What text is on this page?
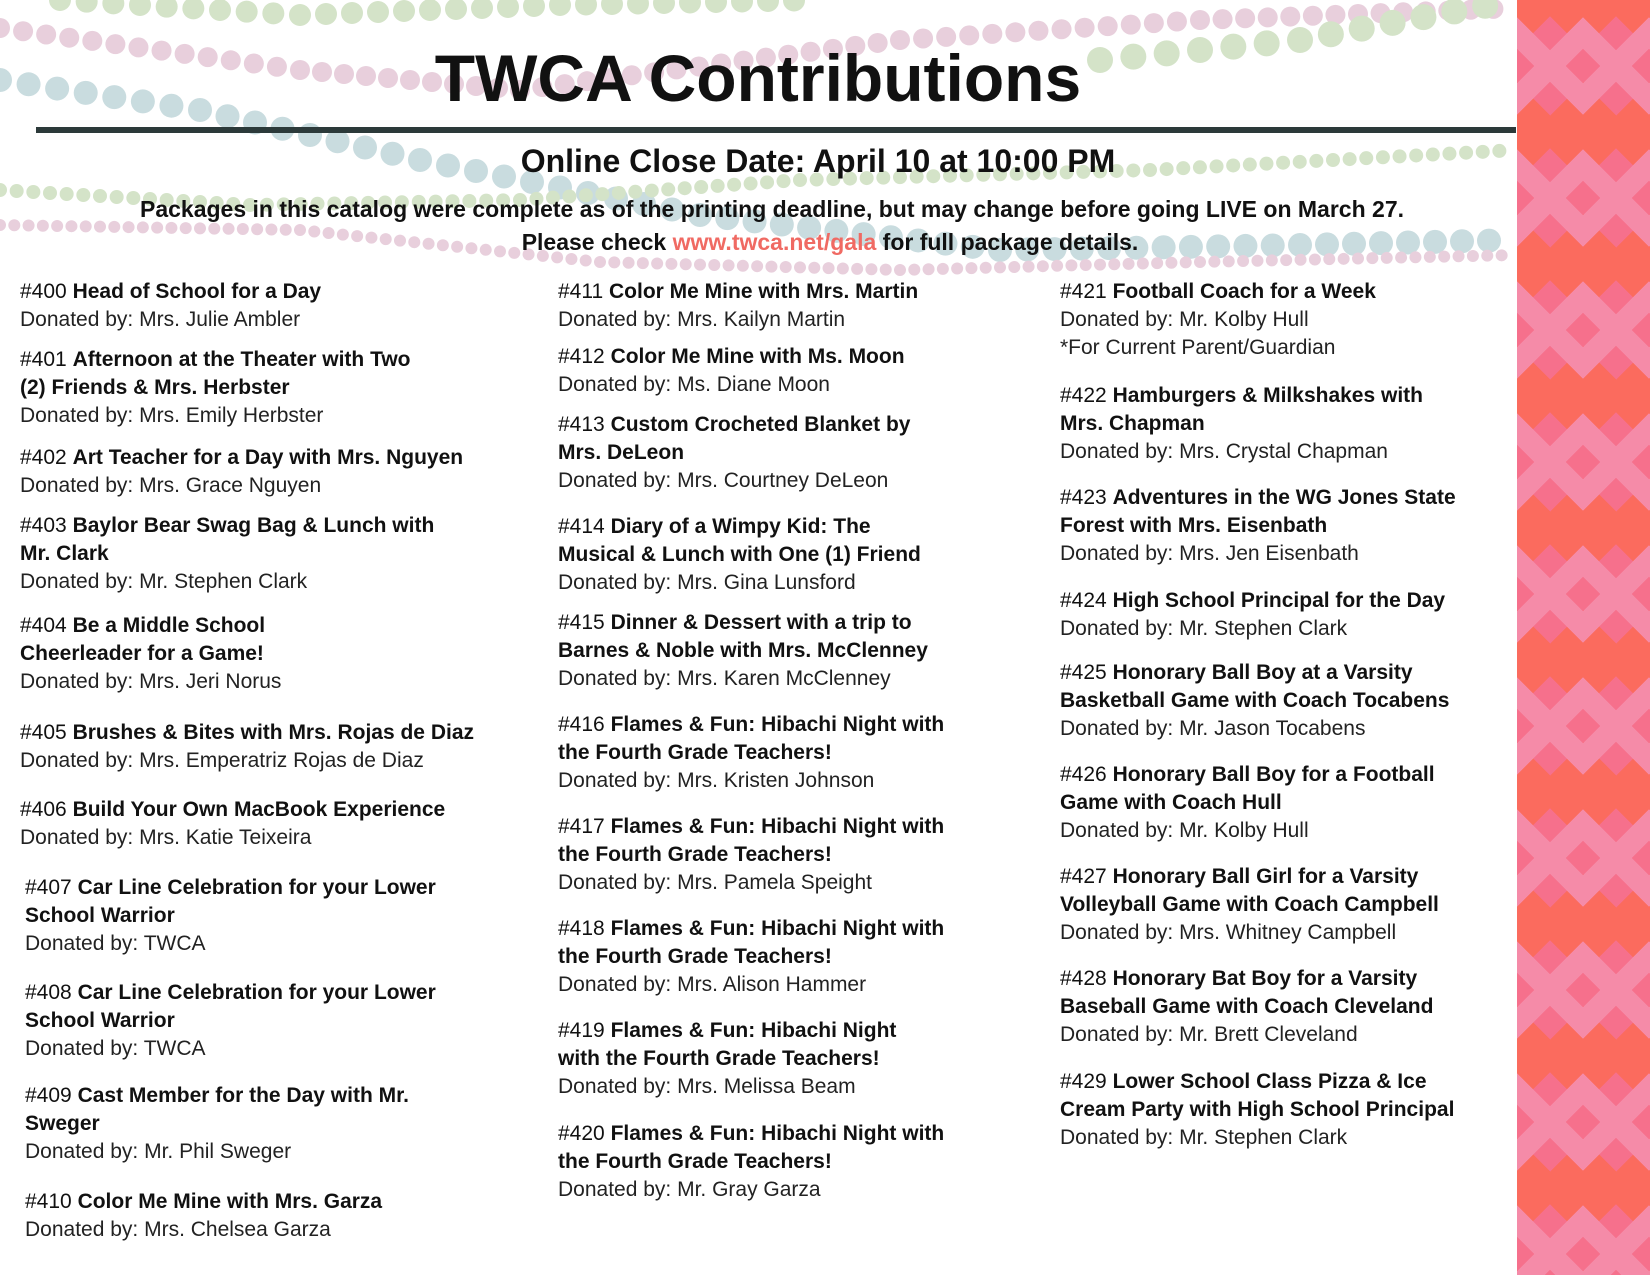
TWCA Contributions
Online Close Date: April 10 at 10:00 PM

Packages in this catalog were complete as of the printing deadline, but may change before going LIVE on March 27.

Please check www.twca.net/gala for full package details.

#400 Head of School for a Day
Donated by: Mrs. Julie Ambler
#401 Afternoon at the Theater with Two
(2) Friends & Mrs. Herbster
Donated by: Mrs. Emily Herbster
#402 Art Teacher for a Day with Mrs. Nguyen
Donated by: Mrs. Grace Nguyen
#403 Baylor Bear Swag Bag & Lunch with
Mr. Clark
Donated by: Mr. Stephen Clark
#404 Be a Middle School
Cheerleader for a Game!
Donated by: Mrs. Jeri Norus
#405 Brushes & Bites with Mrs. Rojas de Diaz
Donated by: Mrs. Emperatriz Rojas de Diaz
#406 Build Your Own MacBook Experience
Donated by: Mrs. Katie Teixeira
#407 Car Line Celebration for your Lower
School Warrior
Donated by: TWCA
#408 Car Line Celebration for your Lower
School Warrior
Donated by: TWCA
#409 Cast Member for the Day with Mr.
Sweger
Donated by: Mr. Phil Sweger
#410 Color Me Mine with Mrs. Garza
Donated by: Mrs. Chelsea Garza
#411 Color Me Mine with Mrs. Martin
Donated by: Mrs. Kailyn Martin
#412 Color Me Mine with Ms. Moon
Donated by: Ms. Diane Moon
#413 Custom Crocheted Blanket by
Mrs. DeLeon
Donated by: Mrs. Courtney DeLeon
#414 Diary of a Wimpy Kid: The
Musical & Lunch with One (1) Friend
Donated by: Mrs. Gina Lunsford
#415 Dinner & Dessert with a trip to
Barnes & Noble with Mrs. McClenney
Donated by: Mrs. Karen McClenney
#416 Flames & Fun: Hibachi Night with
the Fourth Grade Teachers!
Donated by: Mrs. Kristen Johnson
#417 Flames & Fun: Hibachi Night with
the Fourth Grade Teachers!
Donated by: Mrs. Pamela Speight
#418 Flames & Fun: Hibachi Night with
the Fourth Grade Teachers!
Donated by: Mrs. Alison Hammer
#419 Flames & Fun: Hibachi Night
with the Fourth Grade Teachers!
Donated by: Mrs. Melissa Beam
#420 Flames & Fun: Hibachi Night with
the Fourth Grade Teachers!
Donated by: Mr. Gray Garza
#421 Football Coach for a Week
Donated by: Mr. Kolby Hull
*For Current Parent/Guardian
#422 Hamburgers & Milkshakes with
Mrs. Chapman
Donated by: Mrs. Crystal Chapman
#423 Adventures in the WG Jones State
Forest with Mrs. Eisenbath
Donated by: Mrs. Jen Eisenbath
#424 High School Principal for the Day
Donated by: Mr. Stephen Clark
#425 Honorary Ball Boy at a Varsity
Basketball Game with Coach Tocabens
Donated by: Mr. Jason Tocabens
#426 Honorary Ball Boy for a Football
Game with Coach Hull
Donated by: Mr. Kolby Hull
#427 Honorary Ball Girl for a Varsity
Volleyball Game with Coach Campbell
Donated by: Mrs. Whitney Campbell
#428 Honorary Bat Boy for a Varsity
Baseball Game with Coach Cleveland
Donated by: Mr. Brett Cleveland
#429 Lower School Class Pizza & Ice
Cream Party with High School Principal
Donated by: Mr. Stephen Clark
